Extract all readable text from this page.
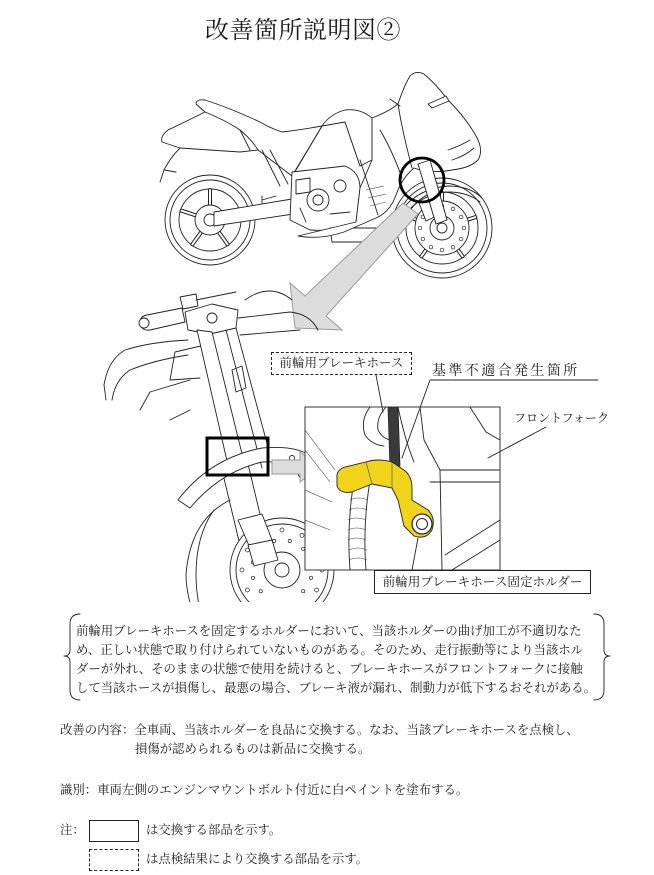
改善箇所説明図②
前輪用ブレーキホース
基準不適合発生箇所
フロントフォーク
前輪用ブレーキホース固定ホルダー
前輪用ブレーキホースを固定するホルダーにおいて、当該ホルダーの曲げ加工が不適切なた
め、正しい状態で取り付けられていないものがある。そのため、走行振動等により当該ホル
ダーが外れ、そのままの状態で使用を続けると、ブレーキホースがフロントフォークに接触
して当該ホースが損傷し、最悪の場合、ブレーキ液が漏れ、制動力が低下するおそれがある。
改善の内容：全車両、当該ホルダーを良品に交換する。なお、当該ブレーキホースを点検し、
損傷が認められるものは新品に交換する。
識別：車両左側のエンジンマウントボルト付近に白ペイントを塗布する。
注：	は交換する部品を示す。
は点検結果により交換する部品を示す。
